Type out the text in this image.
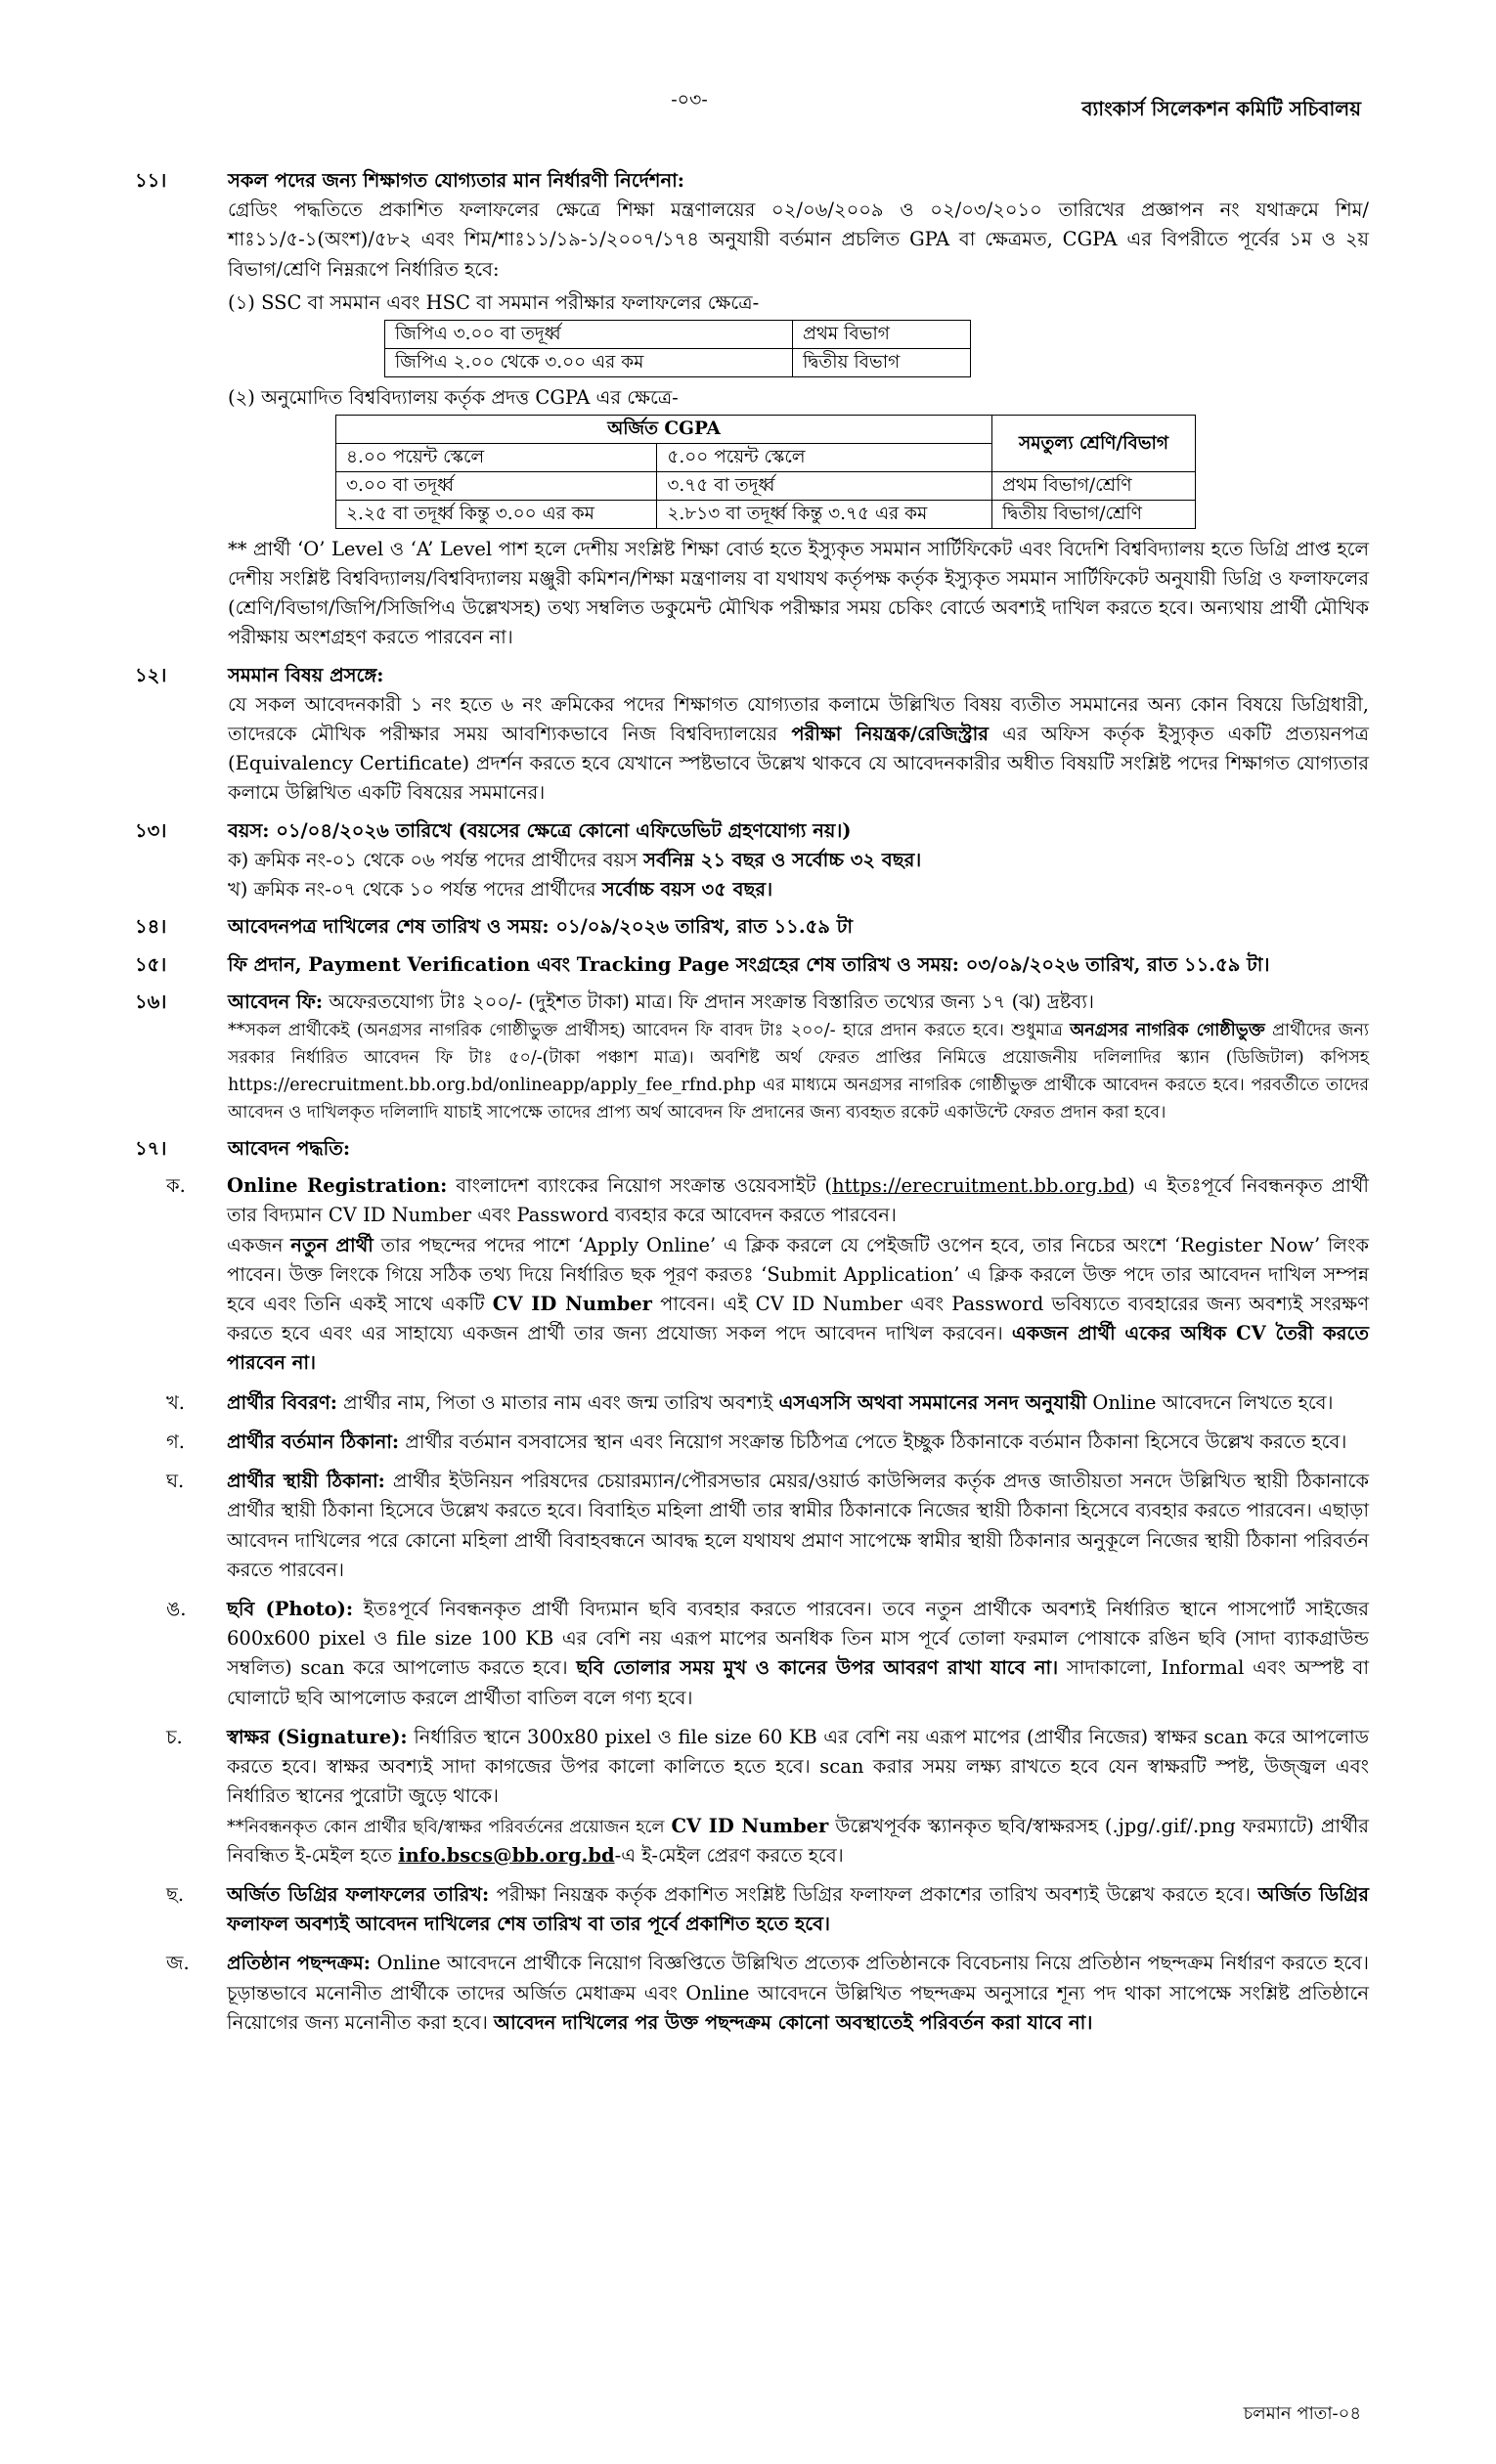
-০৩-	ব্যাংকার্স সিলেকশন কমিটি সচিবালয়
১১।	সকল পদের জন্য শিক্ষাগত যোগ্যতার মান নির্ধারণী নির্দেশনা:

গ্রেডিং পদ্ধতিতে প্রকাশিত ফলাফলের ক্ষেত্রে শিক্ষা মন্ত্রণালয়ের ০২/০৬/২০০৯ ও ০২/০৩/২০১০ তারিখের প্রজ্ঞাপন নং যথাক্রমে শিম/শাঃ১১/৫-১(অংশ)/৫৮২ এবং শিম/শাঃ১১/১৯-১/২০০৭/১৭৪ অনুযায়ী বর্তমান প্রচলিত GPA বা ক্ষেত্রমত, CGPA এর বিপরীতে পূর্বের ১ম ও ২য় বিভাগ/শ্রেণি নিম্নরূপে নির্ধারিত হবে:

(১) SSC বা সমমান এবং HSC বা সমমান পরীক্ষার ফলাফলের ক্ষেত্রে-

জিপিএ ৩.০০ বা তদূর্ধ্ব	প্রথম বিভাগ
জিপিএ ২.০০ থেকে ৩.০০ এর কম	দ্বিতীয় বিভাগ

(২) অনুমোদিত বিশ্ববিদ্যালয় কর্তৃক প্রদত্ত CGPA এর ক্ষেত্রে-

অর্জিত CGPA		সমতুল্য শ্রেণি/বিভাগ
৪.০০ পয়েন্ট স্কেলে	৫.০০ পয়েন্ট স্কেলে	
৩.০০ বা তদূর্ধ্ব	৩.৭৫ বা তদূর্ধ্ব	প্রথম বিভাগ/শ্রেণি
২.২৫ বা তদূর্ধ্ব কিন্তু ৩.০০ এর কম	২.৮১৩ বা তদূর্ধ্ব কিন্তু ৩.৭৫ এর কম	দ্বিতীয় বিভাগ/শ্রেণি

** প্রার্থী ‘O’ Level ও ‘A’ Level পাশ হলে দেশীয় সংশ্লিষ্ট শিক্ষা বোর্ড হতে ইস্যুকৃত সমমান সার্টিফিকেট এবং বিদেশি বিশ্ববিদ্যালয় হতে ডিগ্রি প্রাপ্ত হলে দেশীয় সংশ্লিষ্ট বিশ্ববিদ্যালয়/বিশ্ববিদ্যালয় মঞ্জুরী কমিশন/শিক্ষা মন্ত্রণালয় বা যথাযথ কর্তৃপক্ষ কর্তৃক ইস্যুকৃত সমমান সার্টিফিকেট অনুযায়ী ডিগ্রি ও ফলাফলের (শ্রেণি/বিভাগ/জিপি/সিজিপিএ উল্লেখসহ) তথ্য সম্বলিত ডকুমেন্ট মৌখিক পরীক্ষার সময় চেকিং বোর্ডে অবশ্যই দাখিল করতে হবে। অন্যথায় প্রার্থী মৌখিক পরীক্ষায় অংশগ্রহণ করতে পারবেন না।

১২।	সমমান বিষয় প্রসঙ্গে:

যে সকল আবেদনকারী ১ নং হতে ৬ নং ক্রমিকের পদের শিক্ষাগত যোগ্যতার কলামে উল্লিখিত বিষয় ব্যতীত সমমানের অন্য কোন বিষয়ে ডিগ্রিধারী, তাদেরকে মৌখিক পরীক্ষার সময় আবশ্যিকভাবে নিজ বিশ্ববিদ্যালয়ের পরীক্ষা নিয়ন্ত্রক/রেজিস্ট্রার এর অফিস কর্তৃক ইস্যুকৃত একটি প্রত্যয়নপত্র (Equivalency Certificate) প্রদর্শন করতে হবে যেখানে স্পষ্টভাবে উল্লেখ থাকবে যে আবেদনকারীর অধীত বিষয়টি সংশ্লিষ্ট পদের শিক্ষাগত যোগ্যতার কলামে উল্লিখিত একটি বিষয়ের সমমানের।

১৩।	বয়স: ০১/০৪/২০২৬ তারিখে (বয়সের ক্ষেত্রে কোনো এফিডেভিট গ্রহণযোগ্য নয়।)

ক) ক্রমিক নং-০১ থেকে ০৬ পর্যন্ত পদের প্রার্থীদের বয়স সর্বনিম্ন ২১ বছর ও সর্বোচ্চ ৩২ বছর।

খ) ক্রমিক নং-০৭ থেকে ১০ পর্যন্ত পদের প্রার্থীদের সর্বোচ্চ বয়স ৩৫ বছর।

১৪।	আবেদনপত্র দাখিলের শেষ তারিখ ও সময়: ০১/০৯/২০২৬ তারিখ, রাত ১১.৫৯ টা

১৫।	ফি প্রদান, Payment Verification এবং Tracking Page সংগ্রহের শেষ তারিখ ও সময়: ০৩/০৯/২০২৬ তারিখ, রাত ১১.৫৯ টা।

১৬।	আবেদন ফি: অফেরতযোগ্য টাঃ ২০০/- (দুইশত টাকা) মাত্র। ফি প্রদান সংক্রান্ত বিস্তারিত তথ্যের জন্য ১৭ (ঝ) দ্রষ্টব্য।

**সকল প্রার্থীকেই (অনগ্রসর নাগরিক গোষ্ঠীভুক্ত প্রার্থীসহ) আবেদন ফি বাবদ টাঃ ২০০/- হারে প্রদান করতে হবে। শুধুমাত্র অনগ্রসর নাগরিক গোষ্ঠীভুক্ত প্রার্থীদের জন্য সরকার নির্ধারিত আবেদন ফি টাঃ ৫০/-(টাকা পঞ্চাশ মাত্র)। অবশিষ্ট অর্থ ফেরত প্রাপ্তির নিমিত্তে প্রয়োজনীয় দলিলাদির স্ক্যান (ডিজিটাল) কপিসহ https://erecruitment.bb.org.bd/onlineapp/apply_fee_rfnd.php এর মাধ্যমে অনগ্রসর নাগরিক গোষ্ঠীভুক্ত প্রার্থীকে আবেদন করতে হবে। পরবর্তীতে তাদের আবেদন ও দাখিলকৃত দলিলাদি যাচাই সাপেক্ষে তাদের প্রাপ্য অর্থ আবেদন ফি প্রদানের জন্য ব্যবহৃত রকেট একাউন্টে ফেরত প্রদান করা হবে।

১৭।	আবেদন পদ্ধতি:

ক. Online Registration: বাংলাদেশ ব্যাংকের নিয়োগ সংক্রান্ত ওয়েবসাইট (https://erecruitment.bb.org.bd) এ ইতঃপূর্বে নিবন্ধনকৃত প্রার্থী তার বিদ্যমান CV ID Number এবং Password ব্যবহার করে আবেদন করতে পারবেন।

একজন নতুন প্রার্থী তার পছন্দের পদের পাশে ‘Apply Online’ এ ক্লিক করলে যে পেইজটি ওপেন হবে, তার নিচের অংশে ‘Register Now’ লিংক পাবেন। উক্ত লিংকে গিয়ে সঠিক তথ্য দিয়ে নির্ধারিত ছক পূরণ করতঃ ‘Submit Application’ এ ক্লিক করলে উক্ত পদে তার আবেদন দাখিল সম্পন্ন হবে এবং তিনি একই সাথে একটি CV ID Number পাবেন। এই CV ID Number এবং Password ভবিষ্যতে ব্যবহারের জন্য অবশ্যই সংরক্ষণ করতে হবে এবং এর সাহায্যে একজন প্রার্থী তার জন্য প্রযোজ্য সকল পদে আবেদন দাখিল করবেন। একজন প্রার্থী একের অধিক CV তৈরী করতে পারবেন না।

খ. প্রার্থীর বিবরণ: প্রার্থীর নাম, পিতা ও মাতার নাম এবং জন্ম তারিখ অবশ্যই এসএসসি অথবা সমমানের সনদ অনুযায়ী Online আবেদনে লিখতে হবে।

গ. প্রার্থীর বর্তমান ঠিকানা: প্রার্থীর বর্তমান বসবাসের স্থান এবং নিয়োগ সংক্রান্ত চিঠিপত্র পেতে ইচ্ছুক ঠিকানাকে বর্তমান ঠিকানা হিসেবে উল্লেখ করতে হবে।

ঘ. প্রার্থীর স্থায়ী ঠিকানা: প্রার্থীর ইউনিয়ন পরিষদের চেয়ারম্যান/পৌরসভার মেয়র/ওয়ার্ড কাউন্সিলর কর্তৃক প্রদত্ত জাতীয়তা সনদে উল্লিখিত স্থায়ী ঠিকানাকে প্রার্থীর স্থায়ী ঠিকানা হিসেবে উল্লেখ করতে হবে। বিবাহিত মহিলা প্রার্থী তার স্বামীর ঠিকানাকে নিজের স্থায়ী ঠিকানা হিসেবে ব্যবহার করতে পারবেন। এছাড়া আবেদন দাখিলের পরে কোনো মহিলা প্রার্থী বিবাহবন্ধনে আবদ্ধ হলে যথাযথ প্রমাণ সাপেক্ষে স্বামীর স্থায়ী ঠিকানার অনুকূলে নিজের স্থায়ী ঠিকানা পরিবর্তন করতে পারবেন।

ঙ. ছবি (Photo): ইতঃপূর্বে নিবন্ধনকৃত প্রার্থী বিদ্যমান ছবি ব্যবহার করতে পারবেন। তবে নতুন প্রার্থীকে অবশ্যই নির্ধারিত স্থানে পাসপোর্ট সাইজের 600x600 pixel ও file size 100 KB এর বেশি নয় এরূপ মাপের অনধিক তিন মাস পূর্বে তোলা ফরমাল পোষাকে রঙিন ছবি (সাদা ব্যাকগ্রাউন্ড সম্বলিত) scan করে আপলোড করতে হবে। ছবি তোলার সময় মুখ ও কানের উপর আবরণ রাখা যাবে না। সাদাকালো, Informal এবং অস্পষ্ট বা ঘোলাটে ছবি আপলোড করলে প্রার্থীতা বাতিল বলে গণ্য হবে।

চ. স্বাক্ষর (Signature): নির্ধারিত স্থানে 300x80 pixel ও file size 60 KB এর বেশি নয় এরূপ মাপের (প্রার্থীর নিজের) স্বাক্ষর scan করে আপলোড করতে হবে। স্বাক্ষর অবশ্যই সাদা কাগজের উপর কালো কালিতে হতে হবে। scan করার সময় লক্ষ্য রাখতে হবে যেন স্বাক্ষরটি স্পষ্ট, উজ্জ্বল এবং নির্ধারিত স্থানের পুরোটা জুড়ে থাকে।

**নিবন্ধনকৃত কোন প্রার্থীর ছবি/স্বাক্ষর পরিবর্তনের প্রয়োজন হলে CV ID Number উল্লেখপূর্বক স্ক্যানকৃত ছবি/স্বাক্ষরসহ (.jpg/.gif/.png ফরম্যাটে) প্রার্থীর নিবন্ধিত ই-মেইল হতে info.bscs@bb.org.bd-এ ই-মেইল প্রেরণ করতে হবে।

ছ. অর্জিত ডিগ্রির ফলাফলের তারিখ: পরীক্ষা নিয়ন্ত্রক কর্তৃক প্রকাশিত সংশ্লিষ্ট ডিগ্রির ফলাফল প্রকাশের তারিখ অবশ্যই উল্লেখ করতে হবে। অর্জিত ডিগ্রির ফলাফল অবশ্যই আবেদন দাখিলের শেষ তারিখ বা তার পূর্বে প্রকাশিত হতে হবে।

জ. প্রতিষ্ঠান পছন্দক্রম: Online আবেদনে প্রার্থীকে নিয়োগ বিজ্ঞপ্তিতে উল্লিখিত প্রত্যেক প্রতিষ্ঠানকে বিবেচনায় নিয়ে প্রতিষ্ঠান পছন্দক্রম নির্ধারণ করতে হবে। চূড়ান্তভাবে মনোনীত প্রার্থীকে তাদের অর্জিত মেধাক্রম এবং Online আবেদনে উল্লিখিত পছন্দক্রম অনুসারে শূন্য পদ থাকা সাপেক্ষে সংশ্লিষ্ট প্রতিষ্ঠানে নিয়োগের জন্য মনোনীত করা হবে। আবেদন দাখিলের পর উক্ত পছন্দক্রম কোনো অবস্থাতেই পরিবর্তন করা যাবে না।

চলমান পাতা-০৪
